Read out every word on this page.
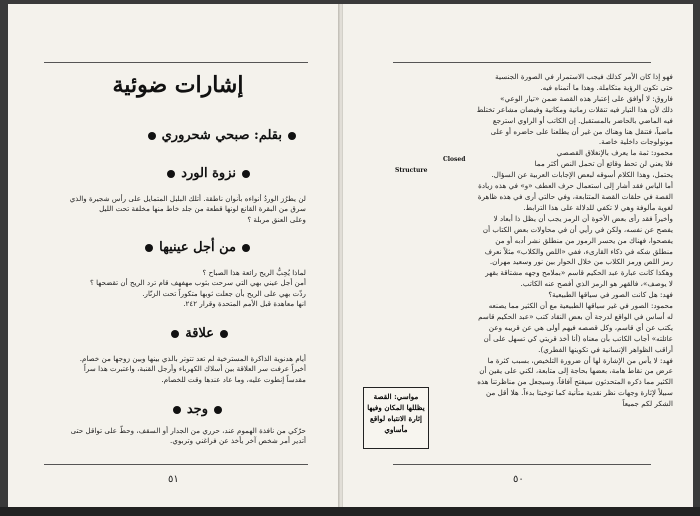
إشارات ضوئية
بقلم: صبحي شحروري
نزوة الورد
لن يطرُز الوردُ أنواءه بأنوان ناطقة. أتلك البلبل المتمايل على رأس شجيرة والذي
سرق من البقرة القانع لونها قطعة من جلد خاط منها مخلفة تحت الليل
وعلى العنق مربلة ؟
من أجل عينيها
لماذا يُحِبُّ الريح رائعة هذا الصباح ؟
أمن أجل عيني بهي التي سرحت بثوب مهفهف قام ترد الريح أن تقضحها ؟
رذّت بهي على الريح بأن جعلت ثوبها متكوراً تحت الزنّار.
انها معاهدة قبل الأمم المتحدة وقرار ٢٤٢.
علاقة
أيام هدنوية الذاكرة المسترخية لم تعد تتوتر بالذي بينها وبين زوجها من خصام.
أخيراً عرفت سر العلاقة بين أسلاك الكهرباء وأرجل القنبة، واعتبرت هذا سراً
مقدساً إنطوت عليه، وما عاد عندها وقت للخصام.
وجد
حرّكي من نافذة الهموم عند، حرري من الجدار أو السقف، وحطّ على تواقل حتى
أتدير أمر شخص آخر يأخذ عن فراغني وتربوي.
٥١
فهو إذا كان الأمر كذلك فيجب الاستمرار في الصورة الجنسية
حتى تكون الرؤية متكاملة. وهذا ما أتمناه فيه.
فاروق: لا أوافق على إعتبار هذه القصة ضمن «تيار الوعي»
ذلك لأن هذا التيار فيه تنقلات زمانية ومكانية وفيضان مشاعر تختلط
فيه الماضي بالحاضر بالمستقبل. إن الكاتب أو الراوي استرجع
ماضياً، فتنقل هنا وهناك من غير أن يطلعنا على حاضره أو على
مونولوجات داخلية خاصة.
محمود: ثمة ما يعرف بالإنغلاق القصصي
فلا يعني لن تحط وقائع أن تحمل النص أكثر مما
يحتمل، وهذا الكلام أسوقه لبعض الإجابات العربية عن السؤال.
أما الياس فقد أشار إلى استعمال حرف العطف «و» في هذه زيادة
القصة في حلقات القصة المتتابعة، وفي حالتي أرى في هذه ظاهرة
لغوية مألوفة وهي لا تكفي للدلالة على هذا الترابط.
وأخيراً فقد رأى بعض الأخوة أن الرمز يجب أن يظل ذا أبعاد لا
يفصح عن نفسه، ولكن في رأيي أن في محاولات بعض الكتاب أن
يفصحوا، فهناك من يحسر الرموز من منطلق نشر أدبه أو من
منطلق شكه في ذكاء القارىء، ففي «اللص والكلاب» مثلاً نعرف
رمز اللص ورمز الكلاب من خلال الحوار بين نور وسعيد مهران.
وهكذا كانت عبارة عبد الحكيم قاسم «بملامح وجهه مشتاقة بقهر
لا يوصف»، فالقهر هو الرمز الذي أفصح عنه الكاتب.
فهد: هل كانت الصور في سياقها الطبيعية؟
محمود: الصور في غير سياقها الطبيعية مع أن الكثير مما يصنعه
له أساس في الواقع لدرجة أن بعض النقاد كتب «عبد الحكيم قاسم
يكتب عن أي قاسم، وكل قصصه فيهم أولى هي عن قريبه وعن
عائلته» أجاب الكاتب بأن معناه (أنا أخذ قريتي كي تسهل على أن
أراقب الظواهر الإنسانية في تكوينها الفطري).
فهد: لا يأس من الإشارة لها أن ضرورة التلخيص، بسبب كثرة ما
عرض من نقاط هامة، بعضها بحاجة إلى متابعة، لكني على يقين أن
الكثير مما ذكره المتحدثون سيفتح آفاقاً، وسيجعل من مناظرتنا هذه
سبيلاً لإثارة وجهات نظر نقدية متأنية كما توخيتا بدءاً. هلا أقل من
الشكر لكم جميعاً
Closed
Structure
مواسي: القصة يظللها المكان وفيها إثارة الانتباه لواقع مأساوي
٥٠
